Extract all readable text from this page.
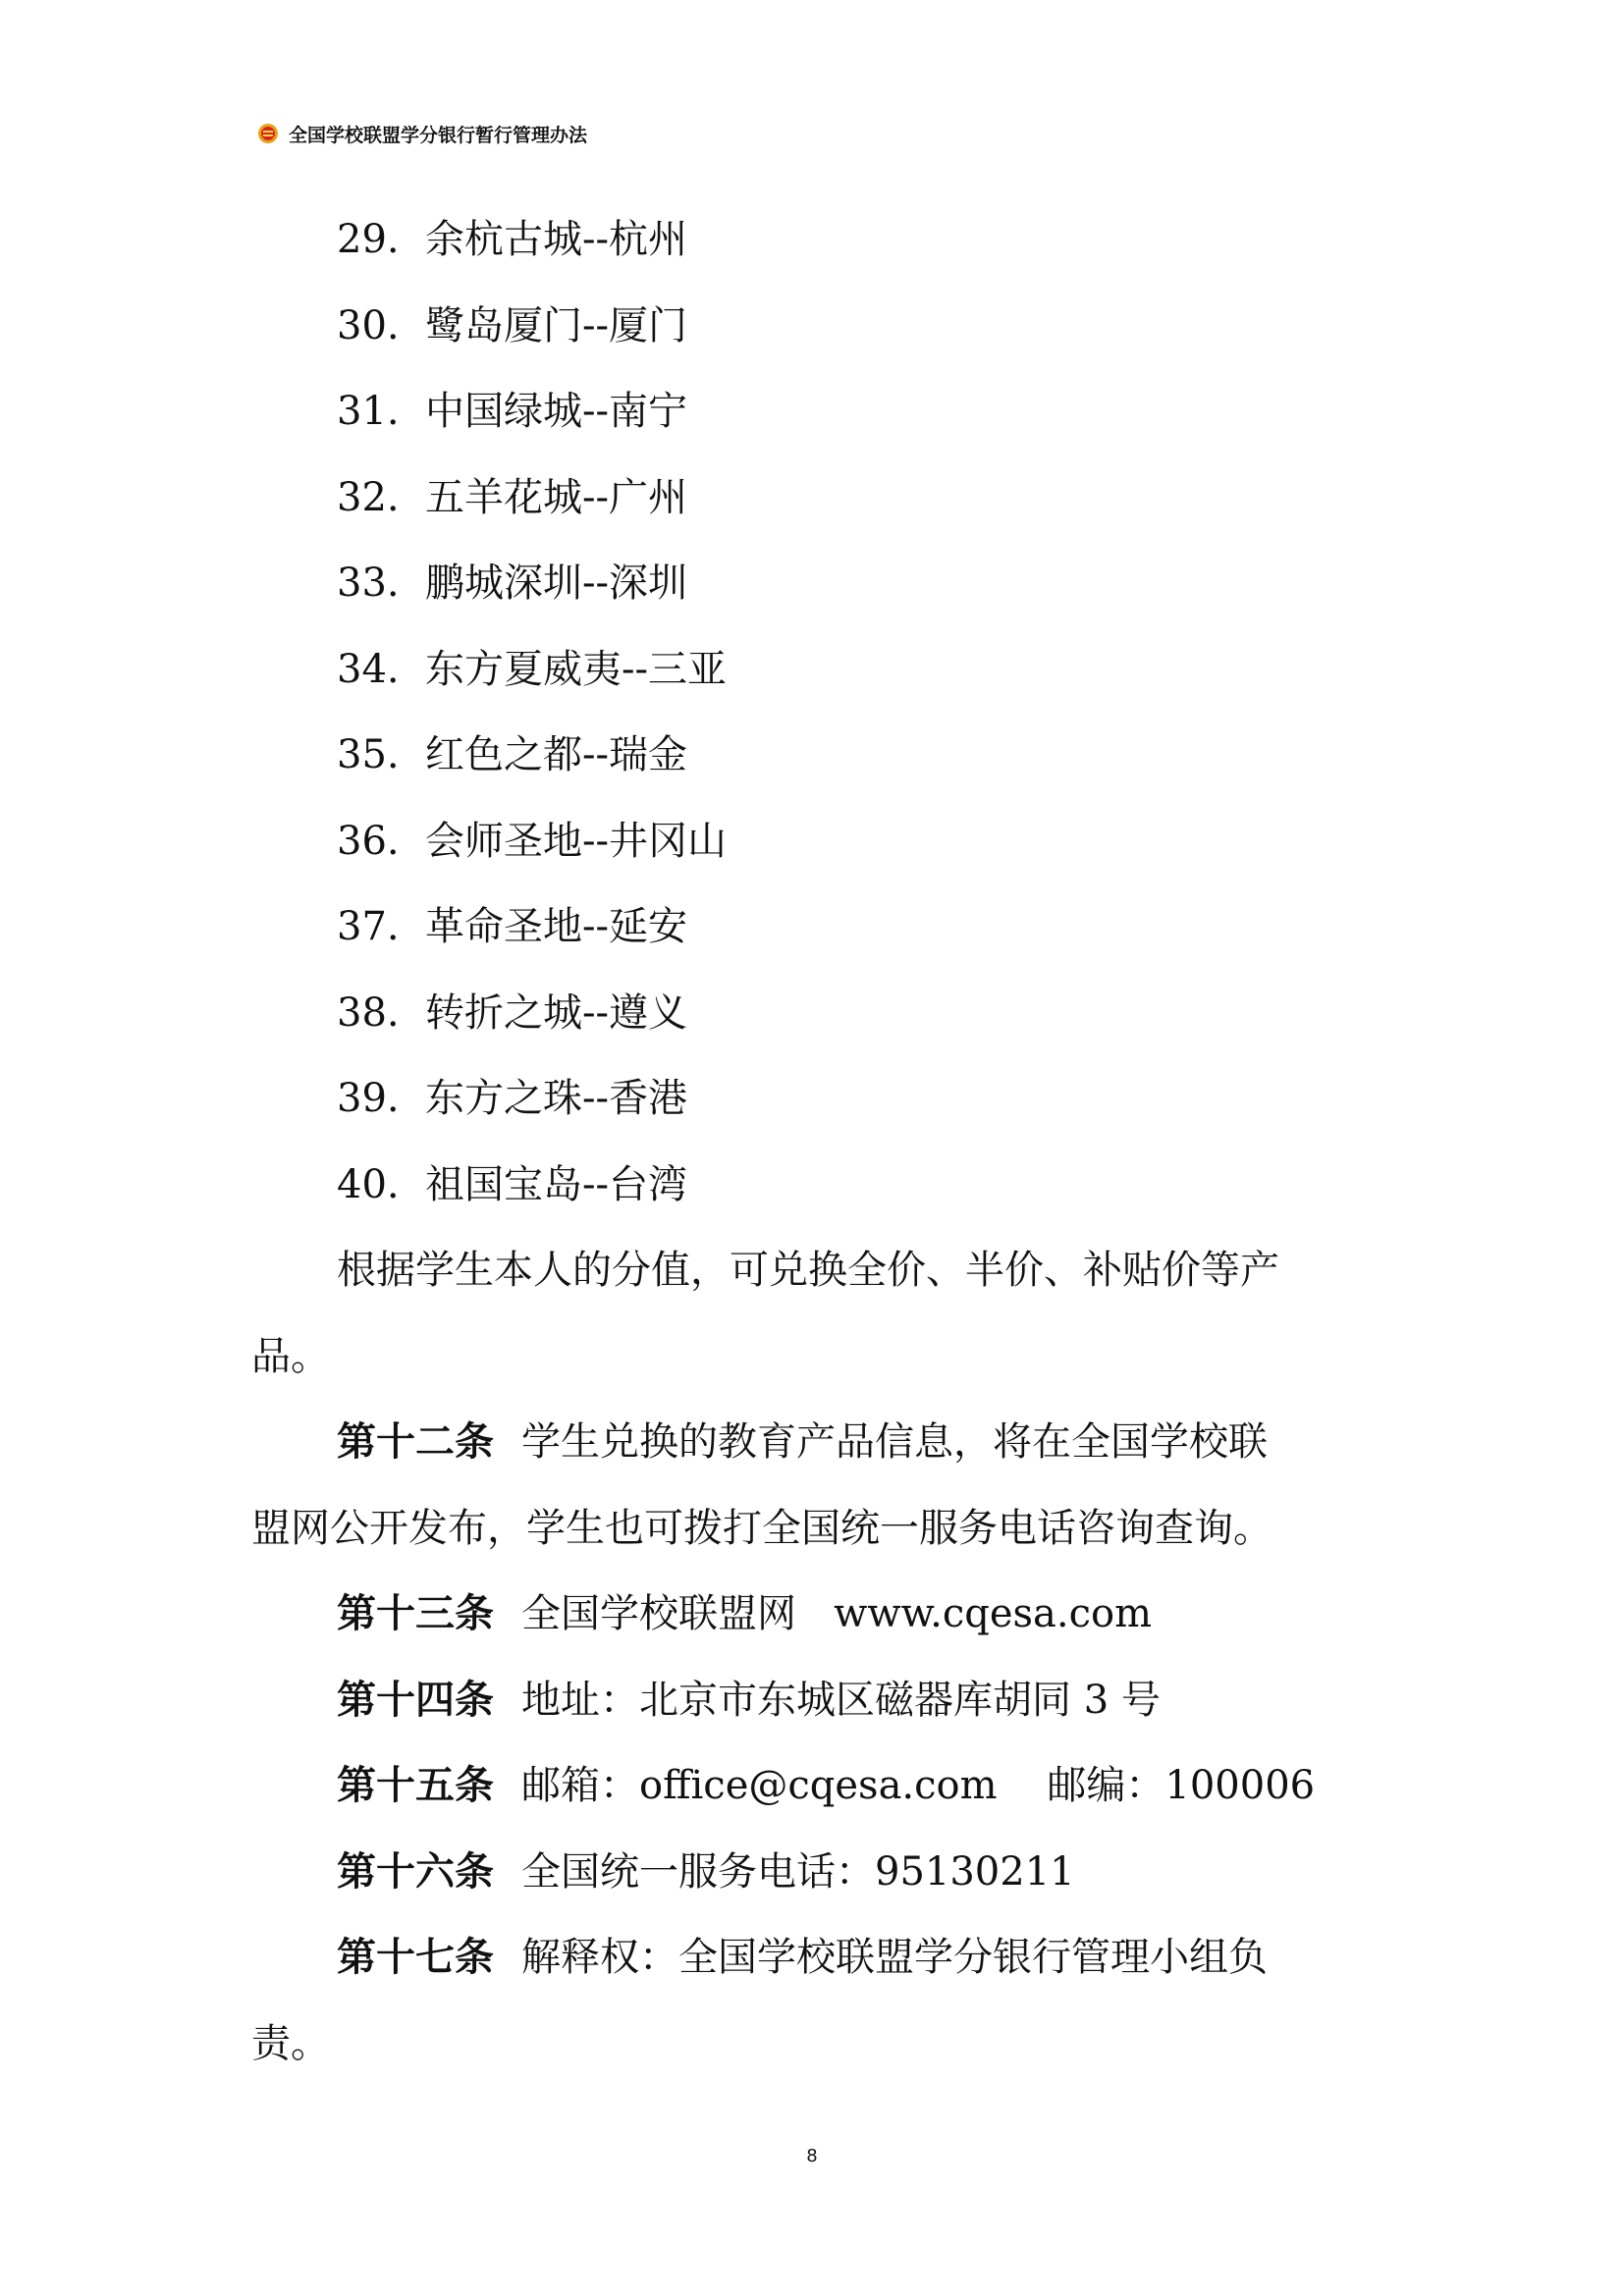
全国学校联盟学分银行暂行管理办法
29. 余杭古城--杭州
30. 鹭岛厦门--厦门
31. 中国绿城--南宁
32. 五羊花城--广州
33. 鹏城深圳--深圳
34. 东方夏威夷--三亚
35. 红色之都--瑞金
36. 会师圣地--井冈山
37. 革命圣地--延安
38. 转折之城--遵义
39. 东方之珠--香港
40. 祖国宝岛--台湾
根据学生本人的分值，可兑换全价、半价、补贴价等产
品。
第十二条 学生兑换的教育产品信息，将在全国学校联
盟网公开发布，学生也可拨打全国统一服务电话咨询查询。
第十三条 全国学校联盟网   www.cqesa.com
第十四条 地址：北京市东城区磁器库胡同 3 号
第十五条 邮箱：office@cqesa.com    邮编：100006
第十六条 全国统一服务电话：95130211
第十七条 解释权：全国学校联盟学分银行管理小组负
责。
8
